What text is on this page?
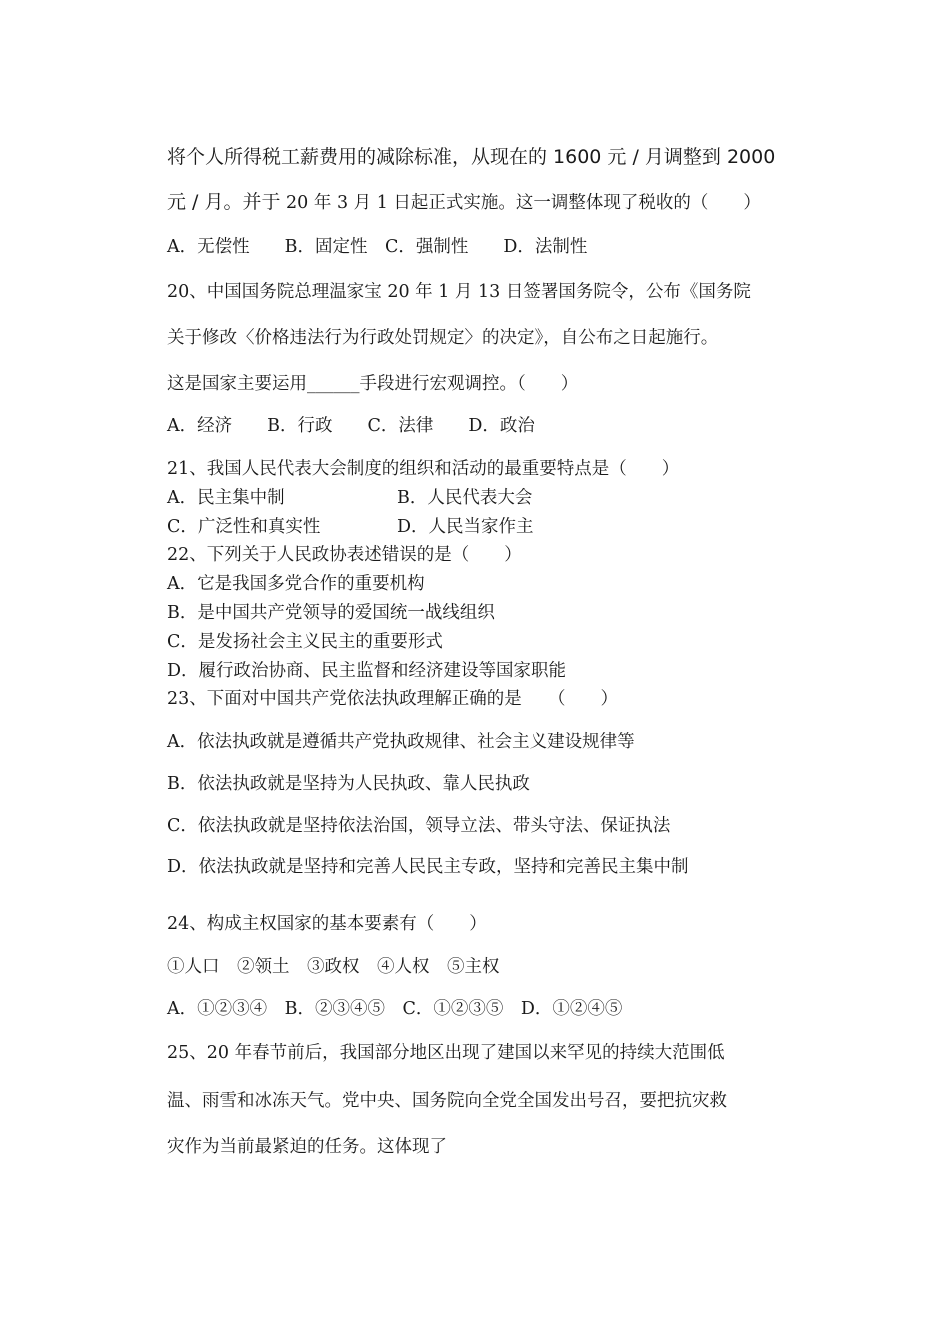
将个人所得税工薪费用的减除标准，从现在的 1600 元 / 月调整到 2000
元 / 月。并于 20 年 3 月 1 日起正式实施。这一调整体现了税收的（　　）
A．无偿性　　B．固定性　C．强制性　　D．法制性
20、中国国务院总理温家宝 20 年 1 月 13 日签署国务院令，公布《国务院
关于修改〈价格违法行为行政处罚规定〉的决定》，自公布之日起施行。
这是国家主要运用______手段进行宏观调控。（　　）
A．经济　　B．行政　　C．法律　　D．政治
21、我国人民代表大会制度的组织和活动的最重要特点是（　　）
A．民主集中制	B．人民代表大会
C．广泛性和真实性	D．人民当家作主
22、下列关于人民政协表述错误的是（　　）
A．它是我国多党合作的重要机构
B．是中国共产党领导的爱国统一战线组织
C．是发扬社会主义民主的重要形式
D．履行政治协商、民主监督和经济建设等国家职能
23、下面对中国共产党依法执政理解正确的是　　（　　）
A．依法执政就是遵循共产党执政规律、社会主义建设规律等
B．依法执政就是坚持为人民执政、靠人民执政
C．依法执政就是坚持依法治国，领导立法、带头守法、保证执法
D．依法执政就是坚持和完善人民民主专政，坚持和完善民主集中制
24、构成主权国家的基本要素有（　　）
①人口　②领土　③政权　④人权　⑤主权
A．①②③④　B．②③④⑤　C．①②③⑤　D．①②④⑤
25、20 年春节前后，我国部分地区出现了建国以来罕见的持续大范围低
温、雨雪和冰冻天气。党中央、国务院向全党全国发出号召，要把抗灾救
灾作为当前最紧迫的任务。这体现了
